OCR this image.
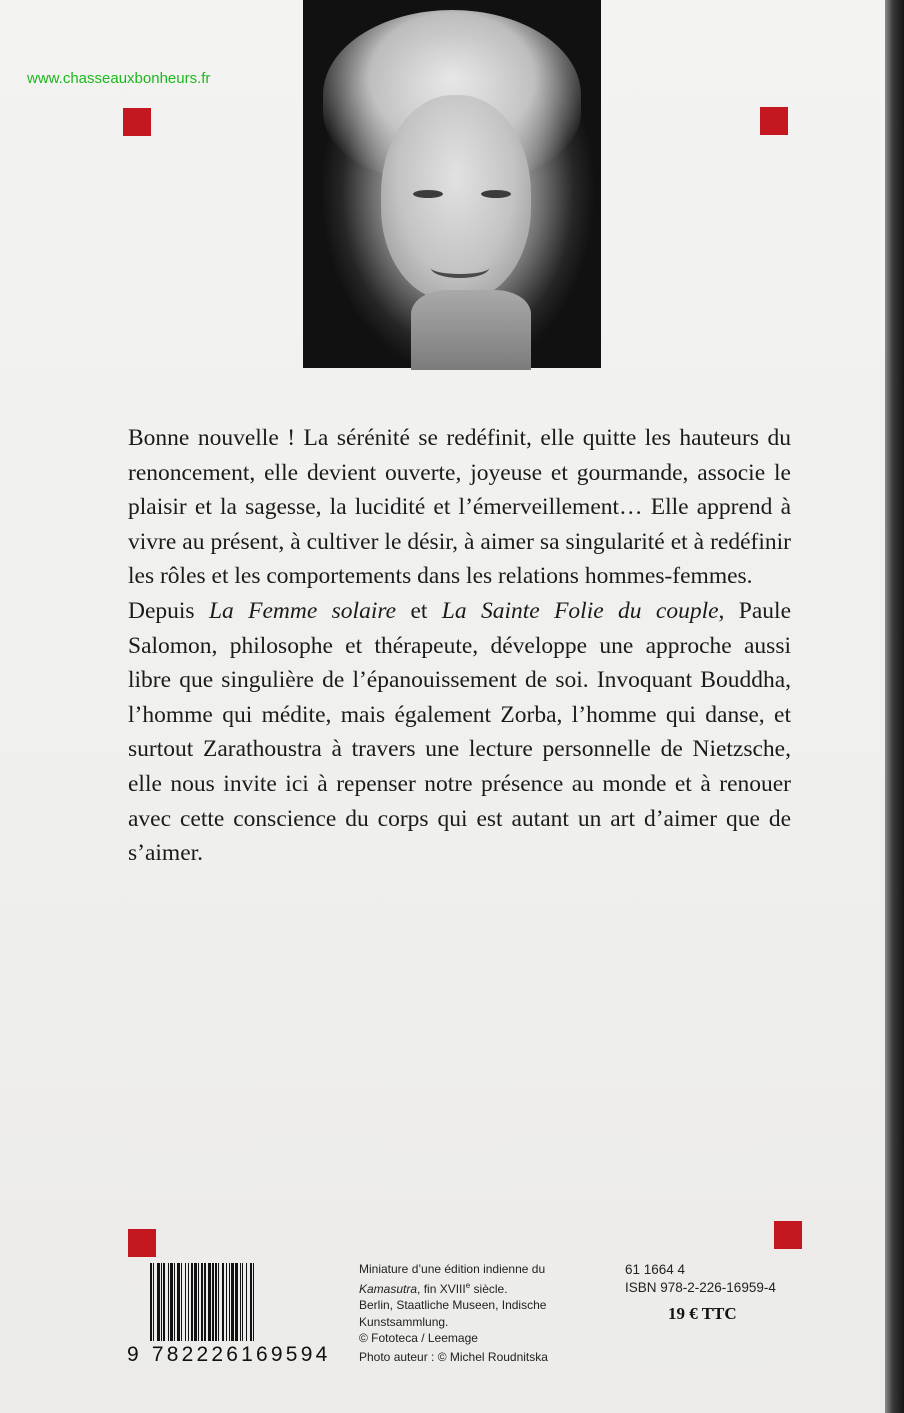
www.chasseauxbonheurs.fr

Bonne nouvelle ! La sérénité se redéfinit, elle quitte les hauteurs du renoncement, elle devient ouverte, joyeuse et gourmande, associe le plaisir et la sagesse, la lucidité et l’émerveillement… Elle apprend à vivre au présent, à cultiver le désir, à aimer sa singularité et à redéfinir les rôles et les comportements dans les relations hommes-femmes.

Depuis La Femme solaire et La Sainte Folie du couple, Paule Salomon, philosophe et thérapeute, développe une approche aussi libre que singulière de l’épanouissement de soi. Invoquant Bouddha, l’homme qui médite, mais également Zorba, l’homme qui danse, et surtout Zarathoustra à travers une lecture personnelle de Nietzsche, elle nous invite ici à repenser notre présence au monde et à renouer avec cette conscience du corps qui est autant un art d’aimer que de s’aimer.

9 782226169594
Miniature d’une édition indienne du
Kamasutra, fin XVIIIe siècle.
Berlin, Staatliche Museen, Indische Kunstsammlung.
© Fototeca / Leemage
Photo auteur : © Michel Roudnitska
61 1664 4
ISBN 978-2-226-16959-4
19 € TTC
